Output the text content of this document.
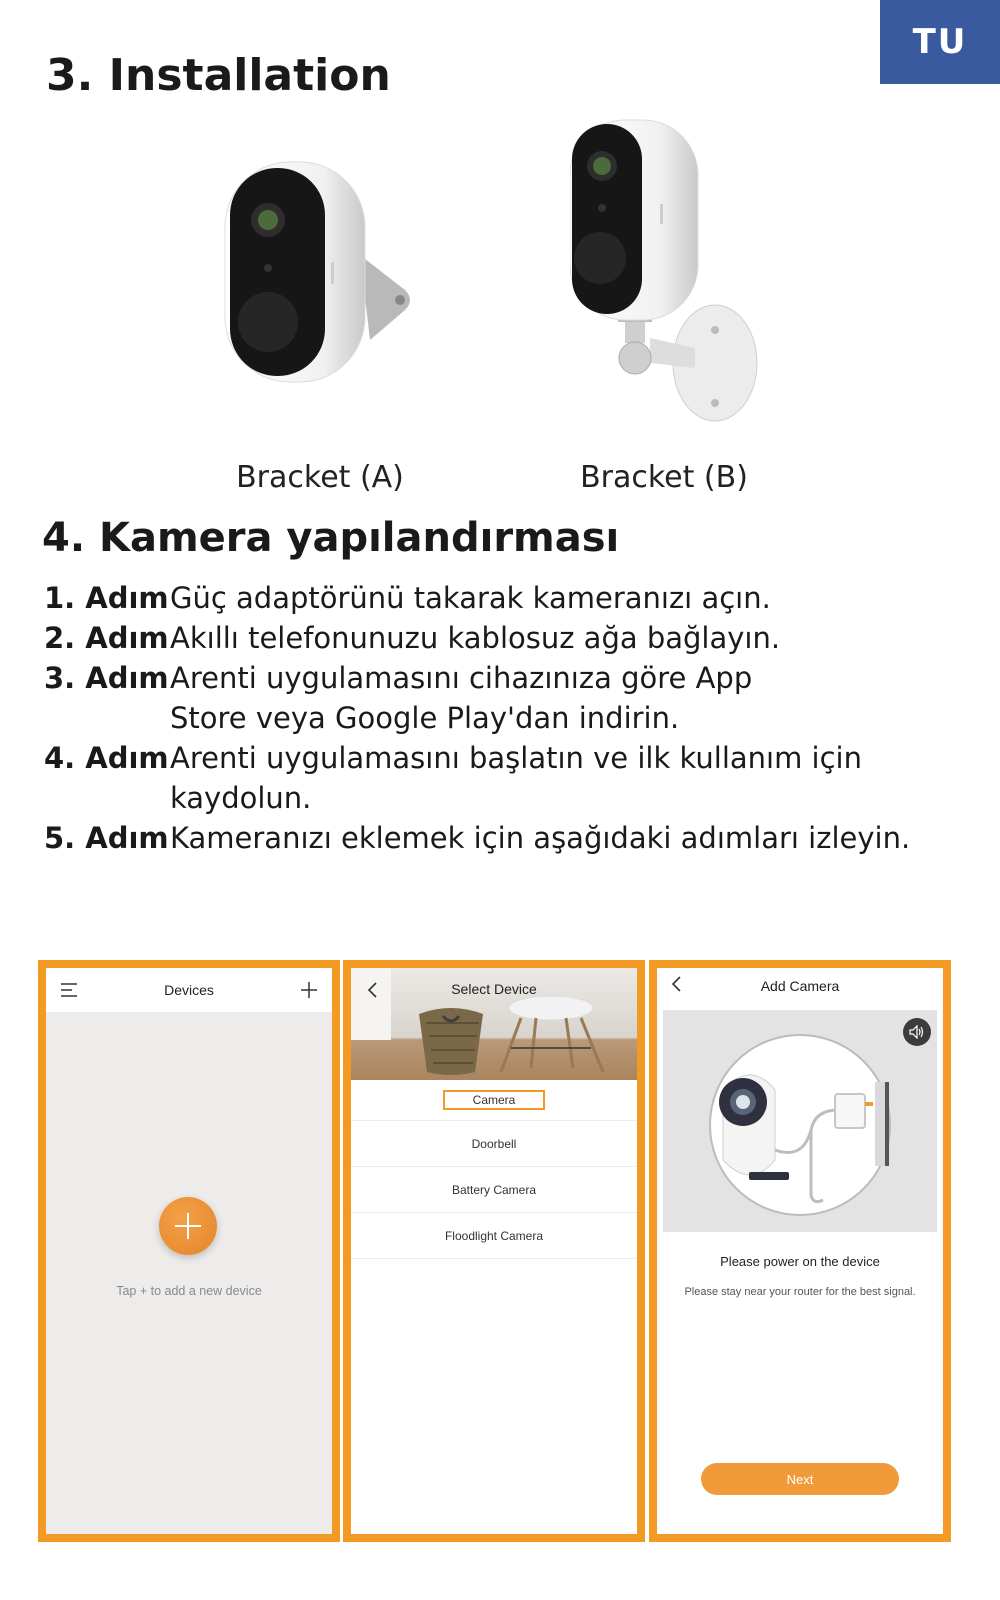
TU
3. Installation
Bracket (A)	Bracket (B)
4. Kamera yapılandırması
1. Adım Güç adaptörünü takarak kameranızı açın.
2. Adım Akıllı telefonunuzu kablosuz ağa bağlayın.
3. Adım Arenti uygulamasını cihazınıza göre App Store veya Google Play'dan indirin.
4. Adım Arenti uygulamasını başlatın ve ilk kullanım için kaydolun.
5. Adım Kameranızı eklemek için aşağıdaki adımları izleyin.
Devices
Tap + to add a new device
Select Device
Camera
Doorbell
Battery Camera
Floodlight Camera
Add Camera
Please power on the device
Please stay near your router for the best signal.
Next
